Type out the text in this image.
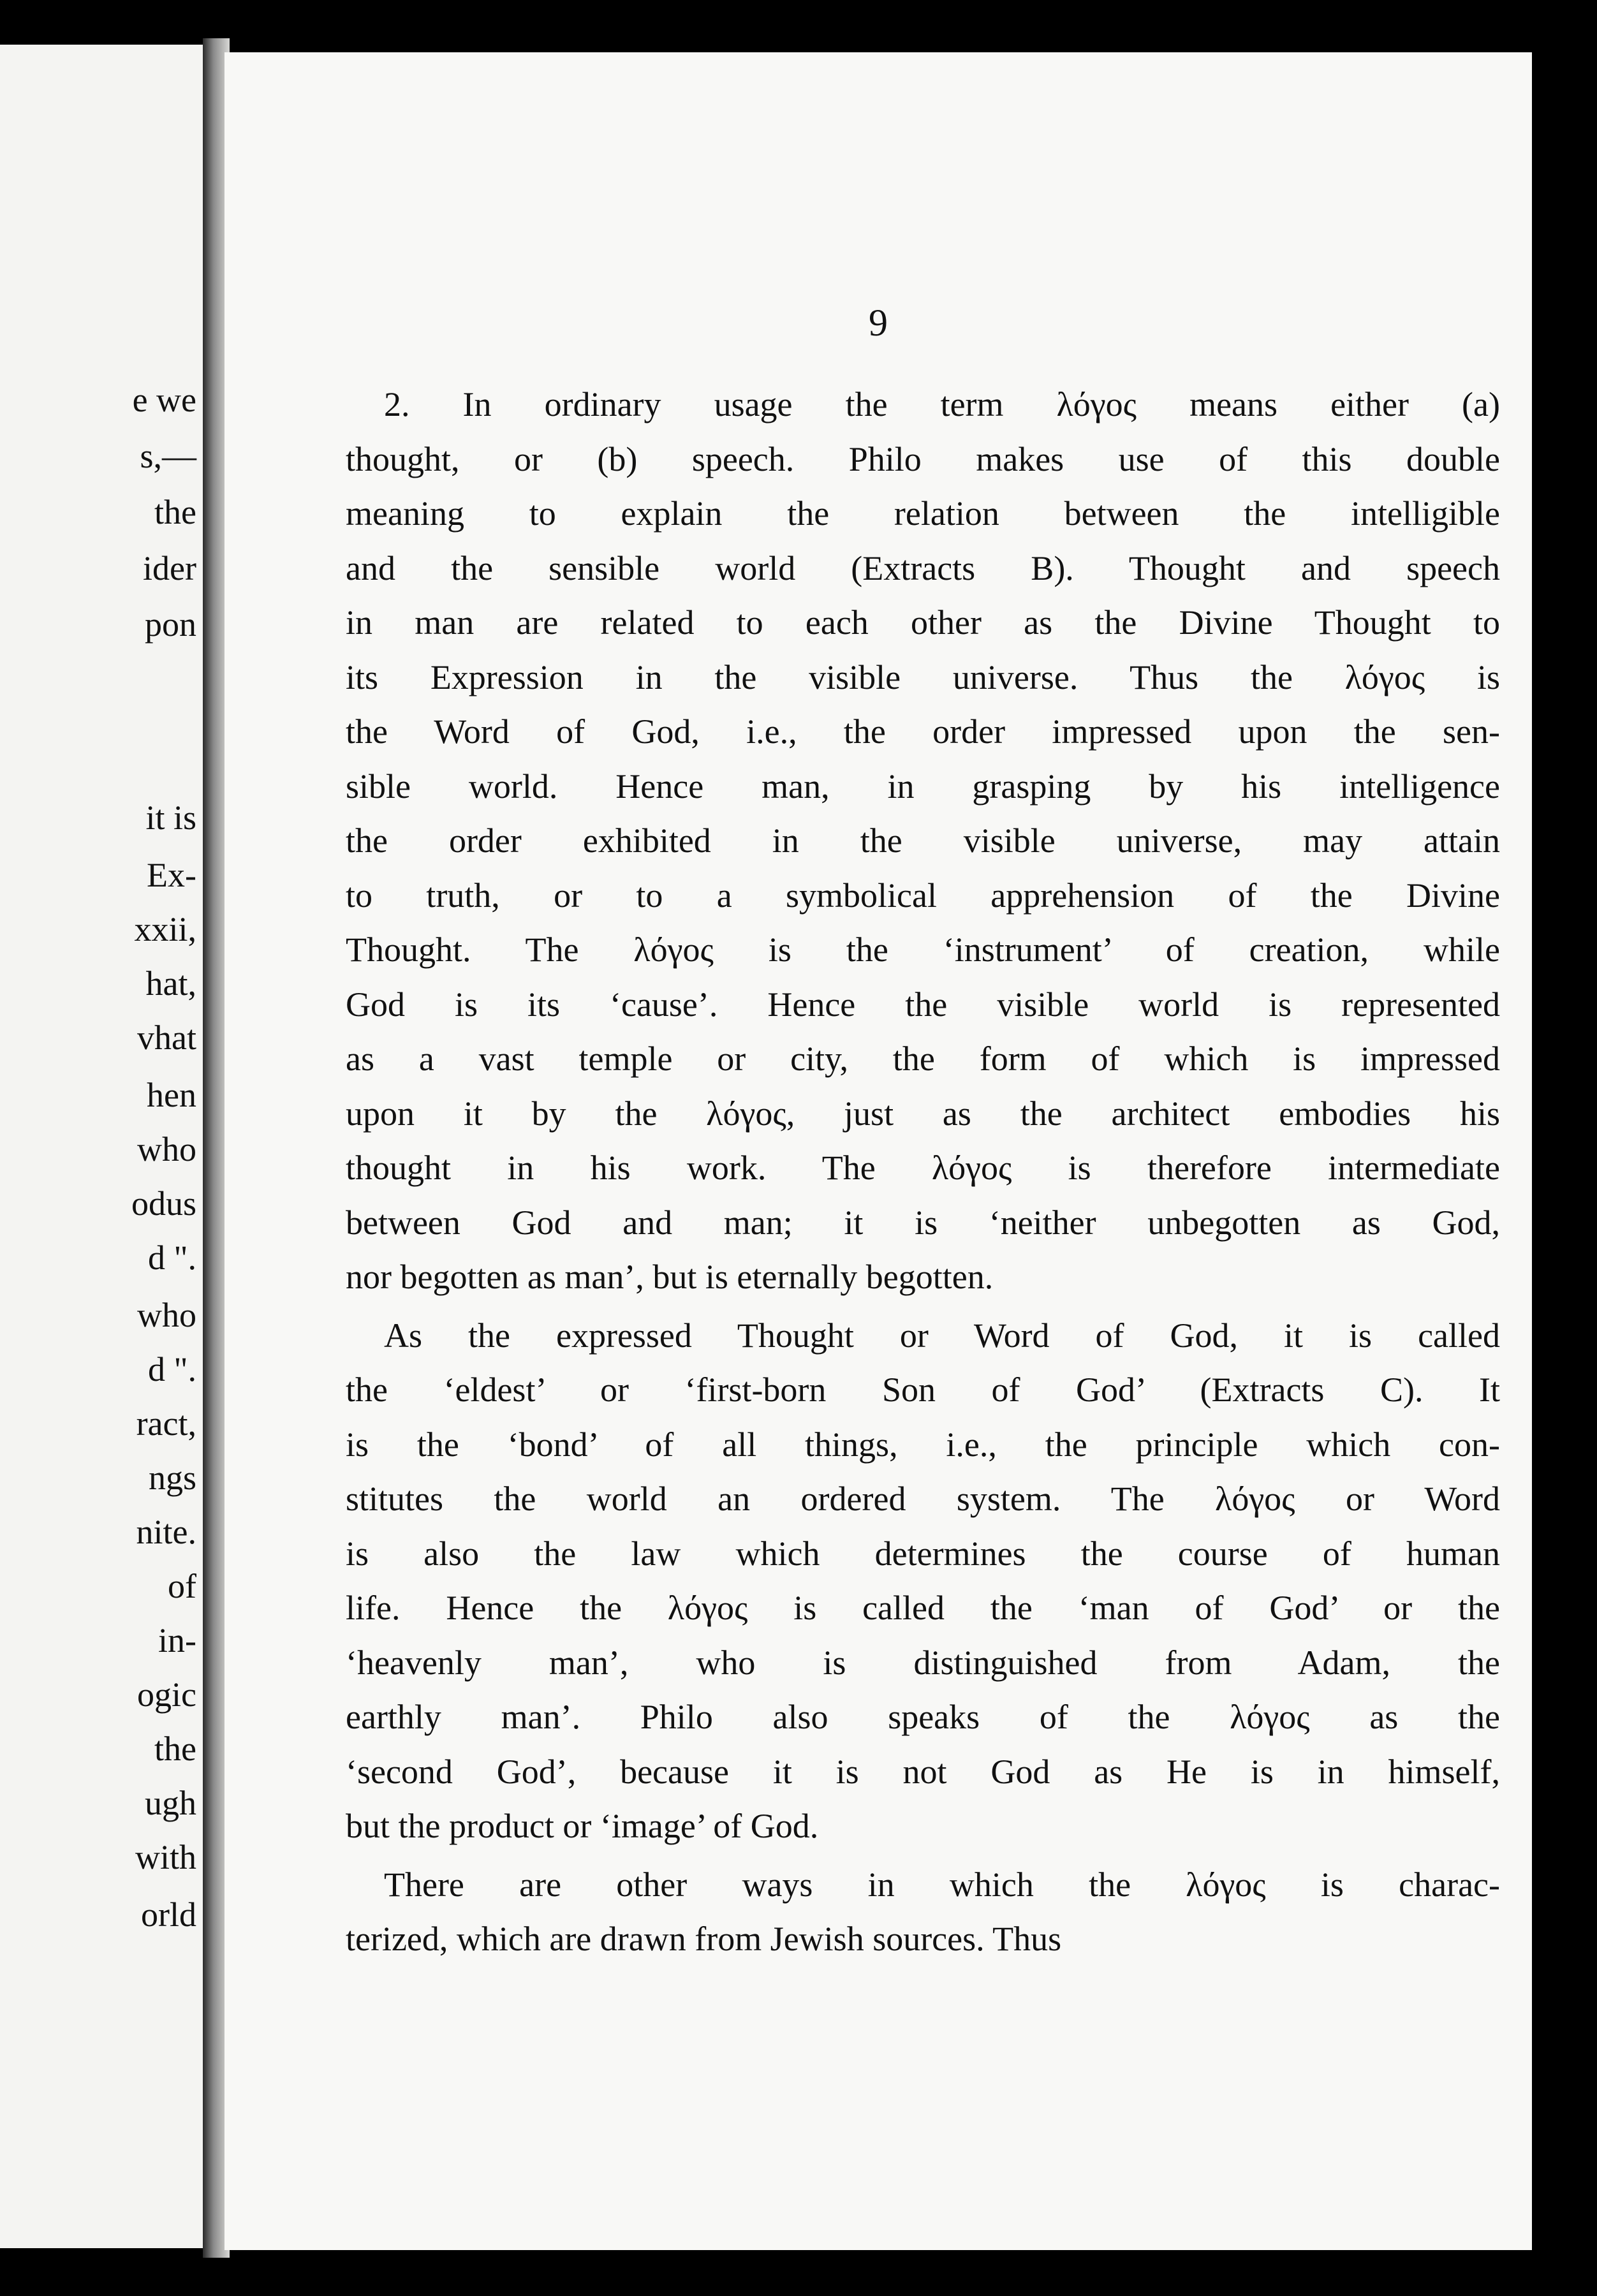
e we
s,—
the
ider
pon
it is
Ex-
xxii,
hat,
vhat
hen
who
odus
d ".
who
d ".
ract,
ngs
nite.
of
in-
ogic
the
ugh
with
orld
9
2. In ordinary usage the term λόγος means either (a)
thought, or (b) speech. Philo makes use of this double
meaning to explain the relation between the intelligible
and the sensible world (Extracts B). Thought and speech
in man are related to each other as the Divine Thought to
its Expression in the visible universe. Thus the λόγος is
the Word of God, i.e., the order impressed upon the sen-
sible world. Hence man, in grasping by his intelligence
the order exhibited in the visible universe, may attain
to truth, or to a symbolical apprehension of the Divine
Thought. The λόγος is the ‘instrument’ of creation, while
God is its ‘cause’. Hence the visible world is represented
as a vast temple or city, the form of which is impressed
upon it by the λόγος, just as the architect embodies his
thought in his work. The λόγος is therefore intermediate
between God and man; it is ‘neither unbegotten as God,
nor begotten as man’, but is eternally begotten.
As the expressed Thought or Word of God, it is called
the ‘eldest’ or ‘first-born Son of God’ (Extracts C). It
is the ‘bond’ of all things, i.e., the principle which con-
stitutes the world an ordered system. The λόγος or Word
is also the law which determines the course of human
life. Hence the λόγος is called the ‘man of God’ or the
‘heavenly man’, who is distinguished from Adam, the
earthly man’. Philo also speaks of the λόγος as the
‘second God’, because it is not God as He is in himself,
but the product or ‘image’ of God.
There are other ways in which the λόγος is charac-
terized, which are drawn from Jewish sources. Thus
